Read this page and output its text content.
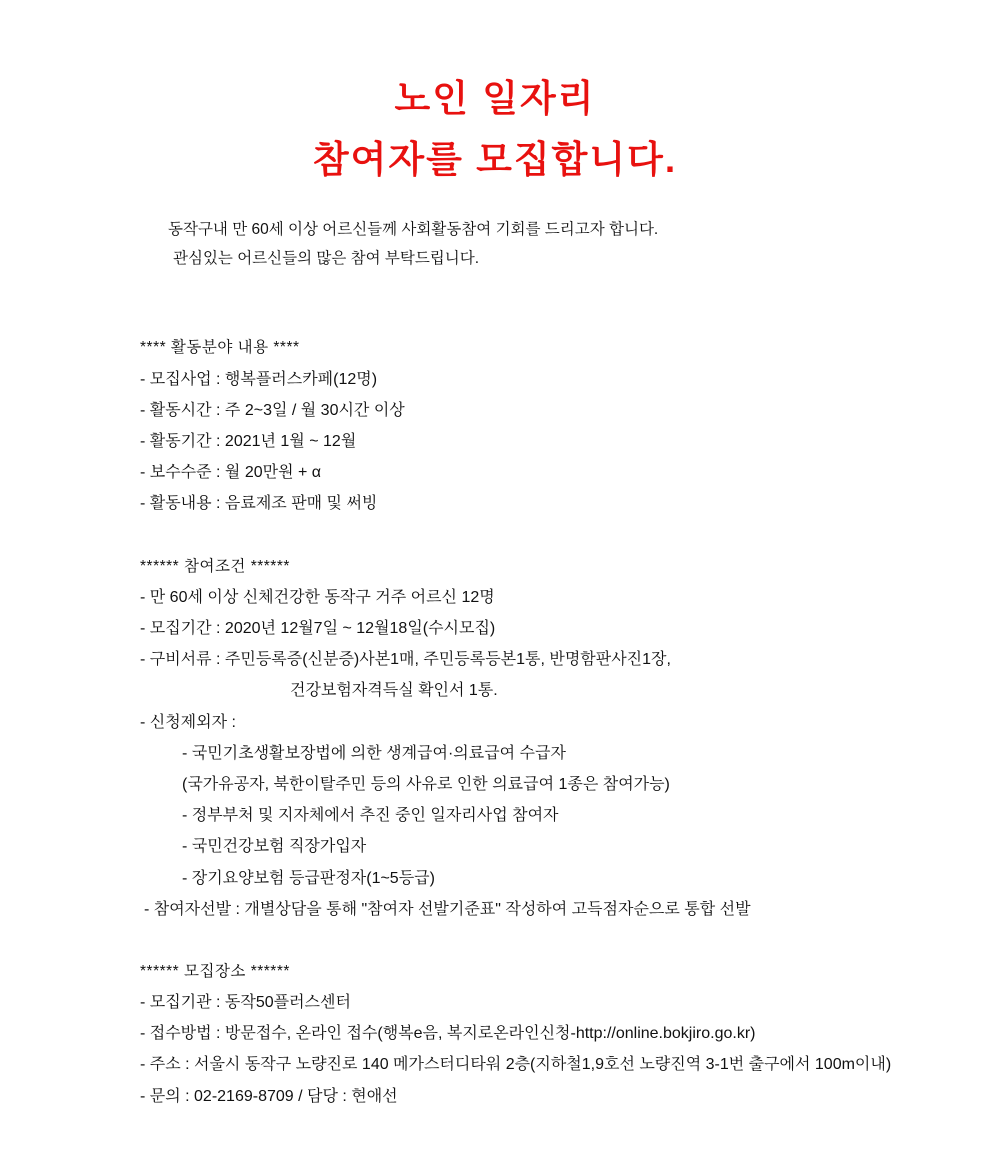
노인 일자리
참여자를 모집합니다.
동작구내 만 60세 이상 어르신들께 사회활동참여 기회를 드리고자 합니다.
관심있는 어르신들의 많은 참여 부탁드립니다.
**** 활동분야 내용 ****
- 모집사업 : 행복플러스카페(12명)
- 활동시간 : 주 2~3일 / 월 30시간 이상
- 활동기간 : 2021년 1월 ~ 12월
- 보수수준 : 월 20만원 + α
- 활동내용 : 음료제조 판매 및 써빙
****** 참여조건 ******
- 만 60세 이상 신체건강한 동작구 거주 어르신 12명
- 모집기간 : 2020년 12월7일 ~ 12월18일(수시모집)
- 구비서류 : 주민등록증(신분증)사본1매, 주민등록등본1통, 반명함판사진1장,
건강보험자격득실 확인서 1통.
- 신청제외자 :
- 국민기초생활보장법에 의한 생계급여·의료급여 수급자
(국가유공자, 북한이탈주민 등의 사유로 인한 의료급여 1종은 참여가능)
- 정부부처 및 지자체에서 추진 중인 일자리사업 참여자
- 국민건강보험 직장가입자
- 장기요양보험 등급판정자(1~5등급)
- 참여자선발 : 개별상담을 통해 "참여자 선발기준표" 작성하여 고득점자순으로 통합 선발
****** 모집장소 ******
- 모집기관 : 동작50플러스센터
- 접수방법 : 방문접수, 온라인 접수(행복e음, 복지로온라인신청-http://online.bokjiro.go.kr)
- 주소 : 서울시 동작구 노량진로 140 메가스터디타워 2층(지하철1,9호선 노량진역 3-1번 출구에서 100m이내)
- 문의 : 02-2169-8709 / 담당 : 현애선
